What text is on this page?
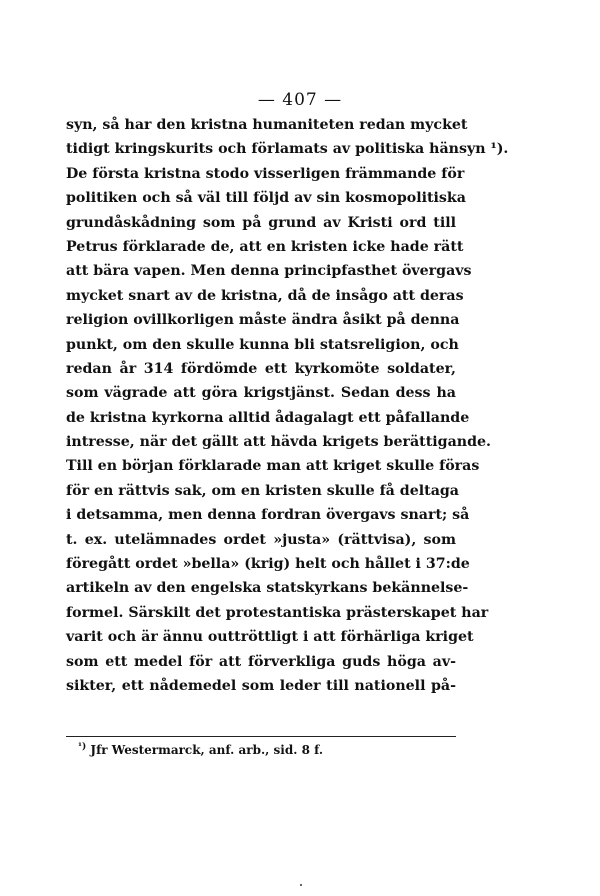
— 407 —
syn, så har den kristna humaniteten redan mycket
tidigt kringskurits och förlamats av politiska hänsyn ¹).
De första kristna stodo visserligen främmande för
politiken och så väl till följd av sin kosmopolitiska
grundåskådning som på grund av Kristi ord till
Petrus förklarade de, att en kristen icke hade rätt
att bära vapen. Men denna principfasthet övergavs
mycket snart av de kristna, då de insågo att deras
religion ovillkorligen måste ändra åsikt på denna
punkt, om den skulle kunna bli statsreligion, och
redan år 314 fördömde ett kyrkomöte soldater,
som vägrade att göra krigstjänst. Sedan dess ha
de kristna kyrkorna alltid ådagalagt ett påfallande
intresse, när det gällt att hävda krigets berättigande.
Till en början förklarade man att kriget skulle föras
för en rättvis sak, om en kristen skulle få deltaga
i detsamma, men denna fordran övergavs snart; så
t. ex. utelämnades ordet »justa» (rättvisa), som
föregått ordet »bella» (krig) helt och hållet i 37:de
artikeln av den engelska statskyrkans bekännelse-
formel. Särskilt det protestantiska prästerskapet har
varit och är ännu outtröttligt i att förhärliga kriget
som ett medel för att förverkliga guds höga av-
sikter, ett nådemedel som leder till nationell på-
$^{^1)}$ Jfr Westermarck, anf. arb., sid. 8 f.
